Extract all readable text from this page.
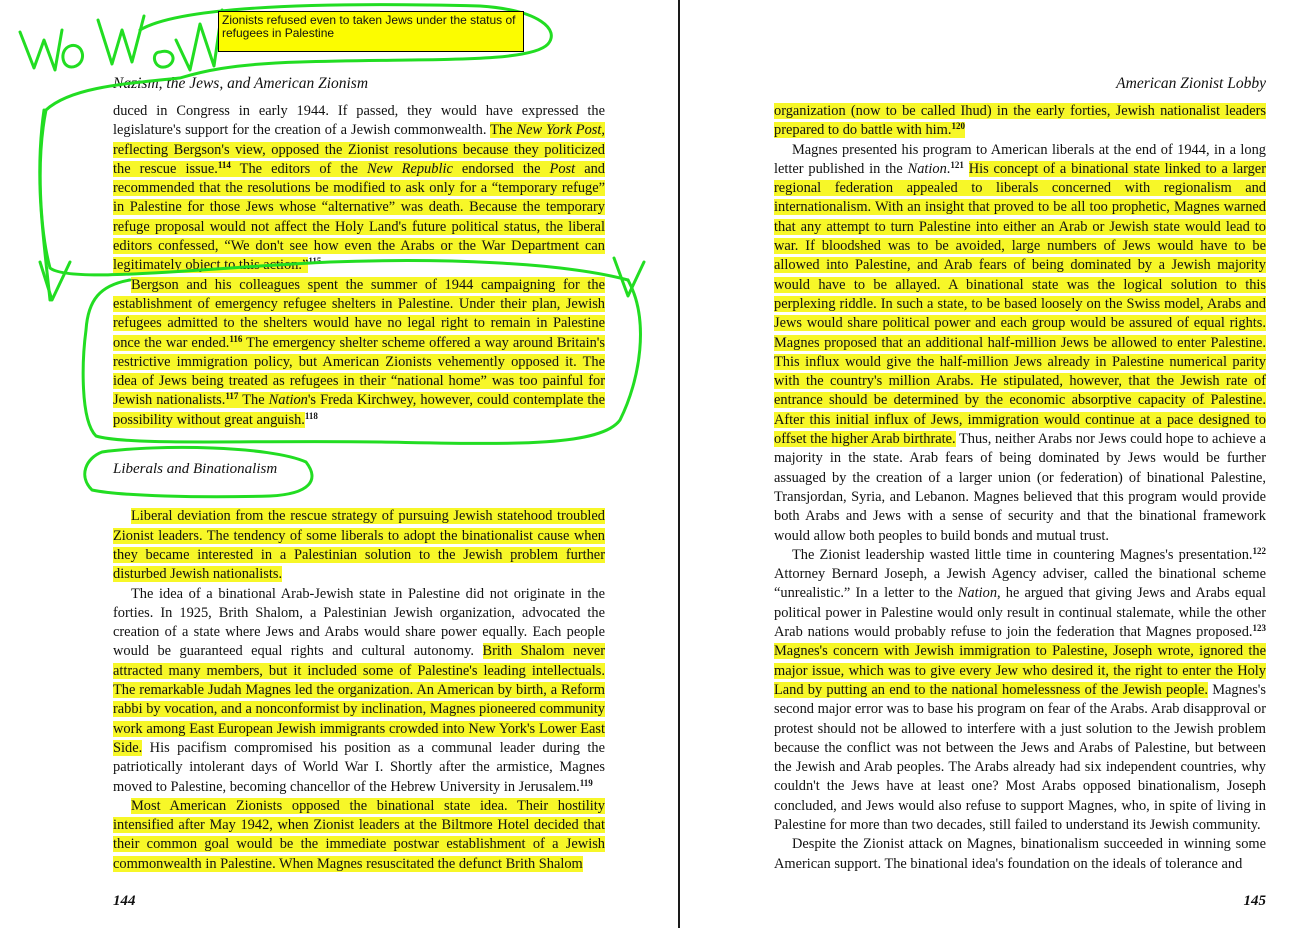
Nazism, the Jews, and American Zionism

duced in Congress in early 1944. If passed, they would have expressed the legislature's support for the creation of a Jewish commonwealth. The New York Post, reflecting Bergson's view, opposed the Zionist resolutions because they politicized the rescue issue.$^{114}$ The editors of the New Republic endorsed the Post and recommended that the resolutions be modified to ask only for a “temporary refuge” in Palestine for those Jews whose “alternative” was death. Because the temporary refuge proposal would not affect the Holy Land's future political status, the liberal editors confessed, “We don't see how even the Arabs or the War Department can legitimately object to this action.”$^{115}$

Bergson and his colleagues spent the summer of 1944 campaigning for the establishment of emergency refugee shelters in Palestine. Under their plan, Jewish refugees admitted to the shelters would have no legal right to remain in Palestine once the war ended.$^{116}$ The emergency shelter scheme offered a way around Britain's restrictive immigration policy, but American Zionists vehemently opposed it. The idea of Jews being treated as refugees in their “national home” was too painful for Jewish nationalists.$^{117}$ The Nation's Freda Kirchwey, however, could contemplate the possibility without great anguish.$^{118}$

Liberals and Binationalism

Liberal deviation from the rescue strategy of pursuing Jewish statehood troubled Zionist leaders. The tendency of some liberals to adopt the binationalist cause when they became interested in a Palestinian solution to the Jewish problem further disturbed Jewish nationalists.

The idea of a binational Arab-Jewish state in Palestine did not originate in the forties. In 1925, Brith Shalom, a Palestinian Jewish organization, advocated the creation of a state where Jews and Arabs would share power equally. Each people would be guaranteed equal rights and cultural autonomy. Brith Shalom never attracted many members, but it included some of Palestine's leading intellectuals. The remarkable Judah Magnes led the organization. An American by birth, a Reform rabbi by vocation, and a nonconformist by inclination, Magnes pioneered community work among East European Jewish immigrants crowded into New York's Lower East Side. His pacifism compromised his position as a communal leader during the patriotically intolerant days of World War I. Shortly after the armistice, Magnes moved to Palestine, becoming chancellor of the Hebrew University in Jerusalem.$^{119}$

Most American Zionists opposed the binational state idea. Their hostility intensified after May 1942, when Zionist leaders at the Biltmore Hotel decided that their common goal would be the immediate postwar establishment of a Jewish commonwealth in Palestine. When Magnes resuscitated the defunct Brith Shalom

144
Zionists refused even to taken Jews under the status of refugees in Palestine
American Zionist Lobby

organization (now to be called Ihud) in the early forties, Jewish nationalist leaders prepared to do battle with him.$^{120}$

Magnes presented his program to American liberals at the end of 1944, in a long letter published in the Nation.$^{121}$ His concept of a binational state linked to a larger regional federation appealed to liberals concerned with regionalism and internationalism. With an insight that proved to be all too prophetic, Magnes warned that any attempt to turn Palestine into either an Arab or Jewish state would lead to war. If bloodshed was to be avoided, large numbers of Jews would have to be allowed into Palestine, and Arab fears of being dominated by a Jewish majority would have to be allayed. A binational state was the logical solution to this perplexing riddle. In such a state, to be based loosely on the Swiss model, Arabs and Jews would share political power and each group would be assured of equal rights. Magnes proposed that an additional half-million Jews be allowed to enter Palestine. This influx would give the half-million Jews already in Palestine numerical parity with the country's million Arabs. He stipulated, however, that the Jewish rate of entrance should be determined by the economic absorptive capacity of Palestine. After this initial influx of Jews, immigration would continue at a pace designed to offset the higher Arab birthrate. Thus, neither Arabs nor Jews could hope to achieve a majority in the state. Arab fears of being dominated by Jews would be further assuaged by the creation of a larger union (or federation) of binational Palestine, Transjordan, Syria, and Lebanon. Magnes believed that this program would provide both Arabs and Jews with a sense of security and that the binational framework would allow both peoples to build bonds and mutual trust.

The Zionist leadership wasted little time in countering Magnes's presentation.$^{122}$ Attorney Bernard Joseph, a Jewish Agency adviser, called the binational scheme “unrealistic.” In a letter to the Nation, he argued that giving Jews and Arabs equal political power in Palestine would only result in continual stalemate, while the other Arab nations would probably refuse to join the federation that Magnes proposed.$^{123}$ Magnes's concern with Jewish immigration to Palestine, Joseph wrote, ignored the major issue, which was to give every Jew who desired it, the right to enter the Holy Land by putting an end to the national homelessness of the Jewish people. Magnes's second major error was to base his program on fear of the Arabs. Arab disapproval or protest should not be allowed to interfere with a just solution to the Jewish problem because the conflict was not between the Jews and Arabs of Palestine, but between the Jewish and Arab peoples. The Arabs already had six independent countries, why couldn't the Jews have at least one? Most Arabs opposed binationalism, Joseph concluded, and Jews would also refuse to support Magnes, who, in spite of living in Palestine for more than two decades, still failed to understand its Jewish community.

Despite the Zionist attack on Magnes, binationalism succeeded in winning some American support. The binational idea's foundation on the ideals of tolerance and

145
